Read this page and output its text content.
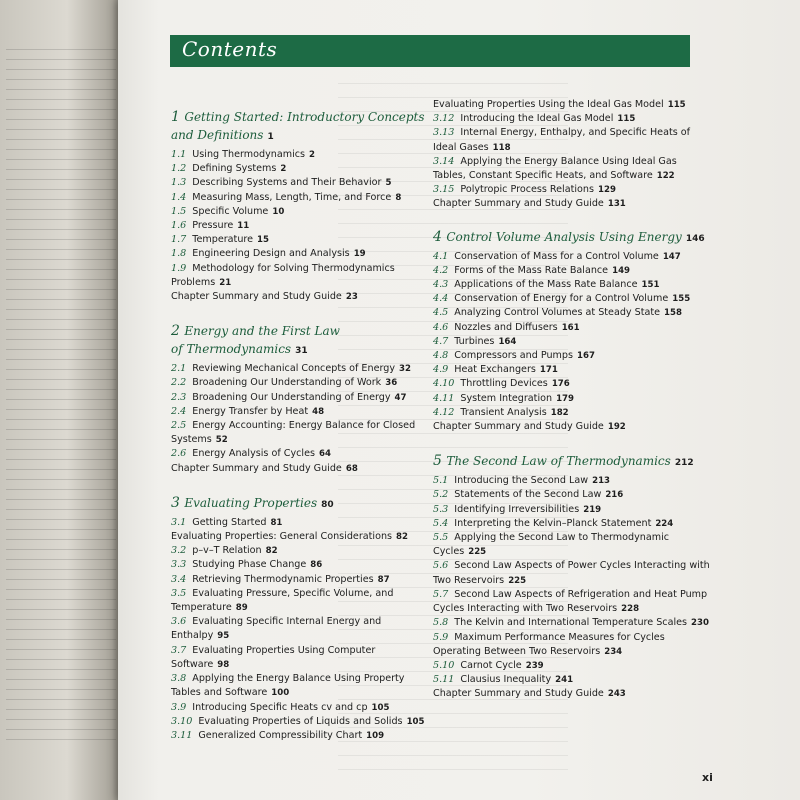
Contents
1 Getting Started: Introductory Concepts
and Definitions 1

1.1 Using Thermodynamics 2

1.2 Defining Systems 2

1.3 Describing Systems and Their Behavior 5

1.4 Measuring Mass, Length, Time, and Force 8

1.5 Specific Volume 10

1.6 Pressure 11

1.7 Temperature 15

1.8 Engineering Design and Analysis 19

1.9 Methodology for Solving Thermodynamics Problems 21

Chapter Summary and Study Guide 23

2 Energy and the First Law
of Thermodynamics 31

2.1 Reviewing Mechanical Concepts of Energy 32

2.2 Broadening Our Understanding of Work 36

2.3 Broadening Our Understanding of Energy 47

2.4 Energy Transfer by Heat 48

2.5 Energy Accounting: Energy Balance for Closed Systems 52

2.6 Energy Analysis of Cycles 64

Chapter Summary and Study Guide 68

3 Evaluating Properties 80

3.1 Getting Started 81

Evaluating Properties: General Considerations 82

3.2 p–v–T Relation 82

3.3 Studying Phase Change 86

3.4 Retrieving Thermodynamic Properties 87

3.5 Evaluating Pressure, Specific Volume, and Temperature 89

3.6 Evaluating Specific Internal Energy and Enthalpy 95

3.7 Evaluating Properties Using Computer Software 98

3.8 Applying the Energy Balance Using Property Tables and Software 100

3.9 Introducing Specific Heats cv and cp 105

3.10 Evaluating Properties of Liquids and Solids 105

3.11 Generalized Compressibility Chart 109

Evaluating Properties Using the Ideal Gas Model 115

3.12 Introducing the Ideal Gas Model 115

3.13 Internal Energy, Enthalpy, and Specific Heats of Ideal Gases 118

3.14 Applying the Energy Balance Using Ideal Gas Tables, Constant Specific Heats, and Software 122

3.15 Polytropic Process Relations 129

Chapter Summary and Study Guide 131

4 Control Volume Analysis Using Energy 146

4.1 Conservation of Mass for a Control Volume 147

4.2 Forms of the Mass Rate Balance 149

4.3 Applications of the Mass Rate Balance 151

4.4 Conservation of Energy for a Control Volume 155

4.5 Analyzing Control Volumes at Steady State 158

4.6 Nozzles and Diffusers 161

4.7 Turbines 164

4.8 Compressors and Pumps 167

4.9 Heat Exchangers 171

4.10 Throttling Devices 176

4.11 System Integration 179

4.12 Transient Analysis 182

Chapter Summary and Study Guide 192

5 The Second Law of Thermodynamics 212

5.1 Introducing the Second Law 213

5.2 Statements of the Second Law 216

5.3 Identifying Irreversibilities 219

5.4 Interpreting the Kelvin–Planck Statement 224

5.5 Applying the Second Law to Thermodynamic Cycles 225

5.6 Second Law Aspects of Power Cycles Interacting with Two Reservoirs 225

5.7 Second Law Aspects of Refrigeration and Heat Pump Cycles Interacting with Two Reservoirs 228

5.8 The Kelvin and International Temperature Scales 230

5.9 Maximum Performance Measures for Cycles Operating Between Two Reservoirs 234

5.10 Carnot Cycle 239

5.11 Clausius Inequality 241

Chapter Summary and Study Guide 243

xi
